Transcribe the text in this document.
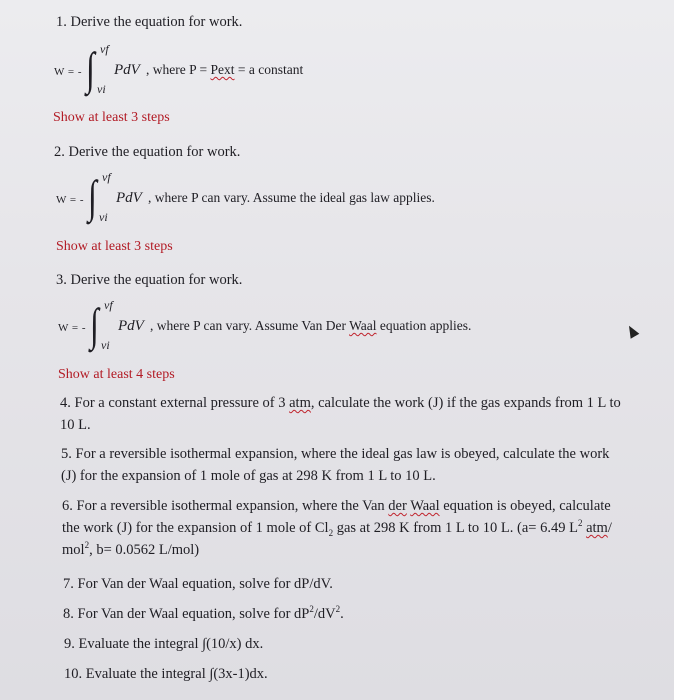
1. Derive the equation for work.
W = - ∫ vf
vi
PdV , where P = Pext = a constant
Show at least 3 steps
2. Derive the equation for work.
W = - ∫ vf
vi
PdV , where P can vary. Assume the ideal gas law applies.
Show at least 3 steps
3. Derive the equation for work.
W = - ∫ vf
vi
PdV , where P can vary. Assume Van Der Waal equation applies.
Show at least 4 steps
4. For a constant external pressure of 3 atm, calculate the work (J) if the gas expands from 1 L to
10 L.
5. For a reversible isothermal expansion, where the ideal gas law is obeyed, calculate the work
(J) for the expansion of 1 mole of gas at 298 K from 1 L to 10 L.
6. For a reversible isothermal expansion, where the Van der Waal equation is obeyed, calculate
the work (J) for the expansion of 1 mole of $Cl_2$ gas at 298 K from 1 L to 10 L. (a= 6.49 $L^2$ atm/
mol$^2$, b= 0.0562 L/mol)
7. For Van der Waal equation, solve for dP/dV.
8. For Van der Waal equation, solve for $dP^2/dV^2$.
9. Evaluate the integral ∫(10/x) dx.
10. Evaluate the integral ∫(3x-1)dx.
